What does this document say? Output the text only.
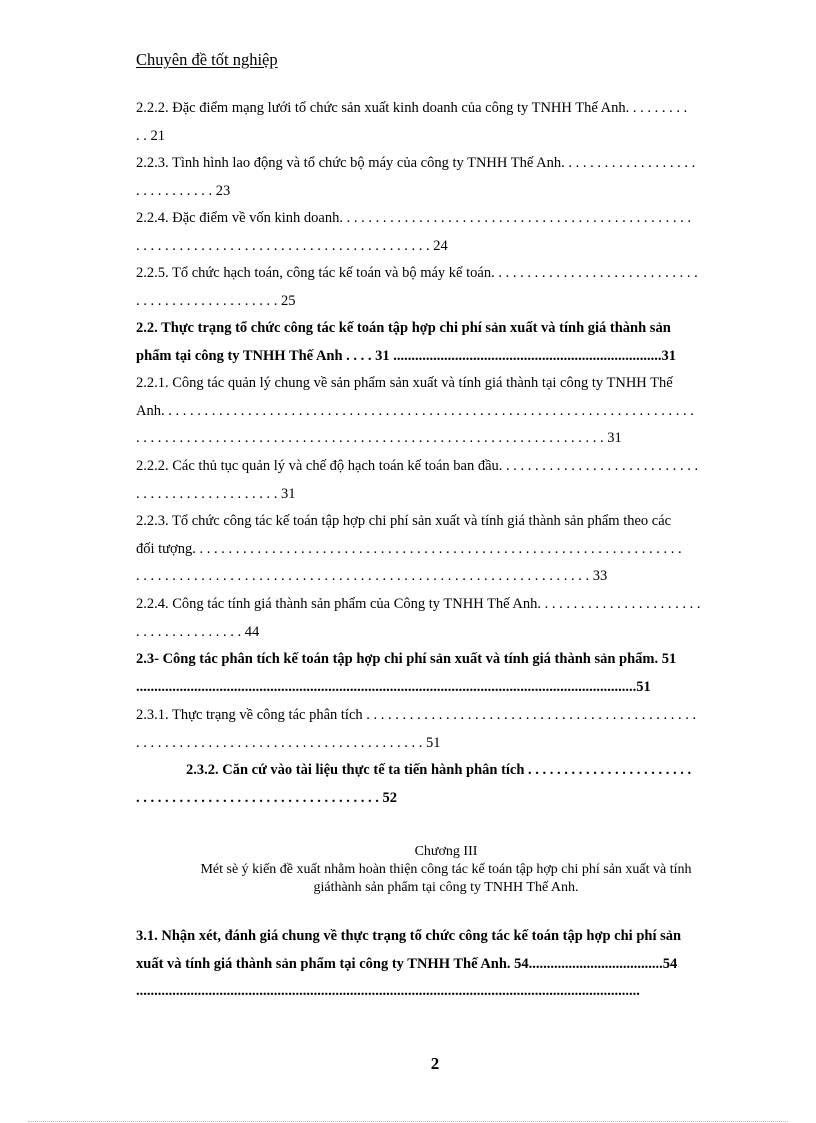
Chuyên đề tốt nghiệp
2.2.2. Đặc điểm mạng lưới tổ chức sản xuất kinh doanh của công ty TNHH Thế Anh. . . . . . . . .
. . 21
2.2.3. Tình hình lao động và tổ chức bộ máy của công ty TNHH Thế Anh. . . . . . . . . . . . . . . . . . .
. . . . . . . . . . . 23
2.2.4. Đặc điểm về vốn kinh doanh. . . . . . . . . . . . . . . . . . . . . . . . . . . . . . . . . . . . . . . . . . . . . . . . .
. . . . . . . . . . . . . . . . . . . . . . . . . . . . . . . . . . . . . . . . . 24
2.2.5. Tổ chức hạch toán, công tác kế toán và bộ máy kế toán. . . . . . . . . . . . . . . . . . . . . . . . . . . . .
. . . . . . . . . . . . . . . . . . . . 25
2.2. Thực trạng tổ chức công tác kế toán tập hợp chi phí sản xuất và tính giá thành sản
phẩm tại công ty TNHH Thế Anh . . . . 31 ..........................................................................31
2.2.1. Công tác quản lý chung về sản phẩm sản xuất và tính giá thành tại công ty TNHH Thế
Anh. . . . . . . . . . . . . . . . . . . . . . . . . . . . . . . . . . . . . . . . . . . . . . . . . . . . . . . . . . . . . . . . . . . . . . . . . .
. . . . . . . . . . . . . . . . . . . . . . . . . . . . . . . . . . . . . . . . . . . . . . . . . . . . . . . . . . . . . . . . . 31
2.2.2. Các thủ tục quản lý và chế độ hạch toán kế toán ban đầu. . . . . . . . . . . . . . . . . . . . . . . . . . . .
. . . . . . . . . . . . . . . . . . . . 31
2.2.3. Tổ chức công tác kế toán tập hợp chi phí sản xuất và tính giá thành sản phẩm theo các
đối tượng. . . . . . . . . . . . . . . . . . . . . . . . . . . . . . . . . . . . . . . . . . . . . . . . . . . . . . . . . . . . . . . . . . . .
. . . . . . . . . . . . . . . . . . . . . . . . . . . . . . . . . . . . . . . . . . . . . . . . . . . . . . . . . . . . . . . 33
2.2.4. Công tác tính giá thành sản phẩm của Công ty TNHH Thế Anh. . . . . . . . . . . . . . . . . . . . . . .
. . . . . . . . . . . . . . . 44
2.3- Công tác phân tích kế toán tập hợp chi phí sản xuất và tính giá thành sản phẩm. 51
..........................................................................................................................................51
2.3.1. Thực trạng về công tác phân tích . . . . . . . . . . . . . . . . . . . . . . . . . . . . . . . . . . . . . . . . . . . . . .
. . . . . . . . . . . . . . . . . . . . . . . . . . . . . . . . . . . . . . . . 51
2.3.2. Căn cứ vào tài liệu thực tế ta tiến hành phân tích . . . . . . . . . . . . . . . . . . . . . . .
. . . . . . . . . . . . . . . . . . . . . . . . . . . . . . . . . . 52
Chương III
Mét sè ý kiến đề xuất nhằm hoàn thiện công tác kế toán tập hợp chi phí sản xuất và tính
giáthành sản phẩm tại công ty TNHH Thế Anh.
3.1. Nhận xét, đánh giá chung về thực trạng tổ chức công tác kế toán tập hợp chi phí sản
xuất và tính giá thành sản phẩm tại công ty TNHH Thế Anh. 54.....................................54
...........................................................................................................................................
2
